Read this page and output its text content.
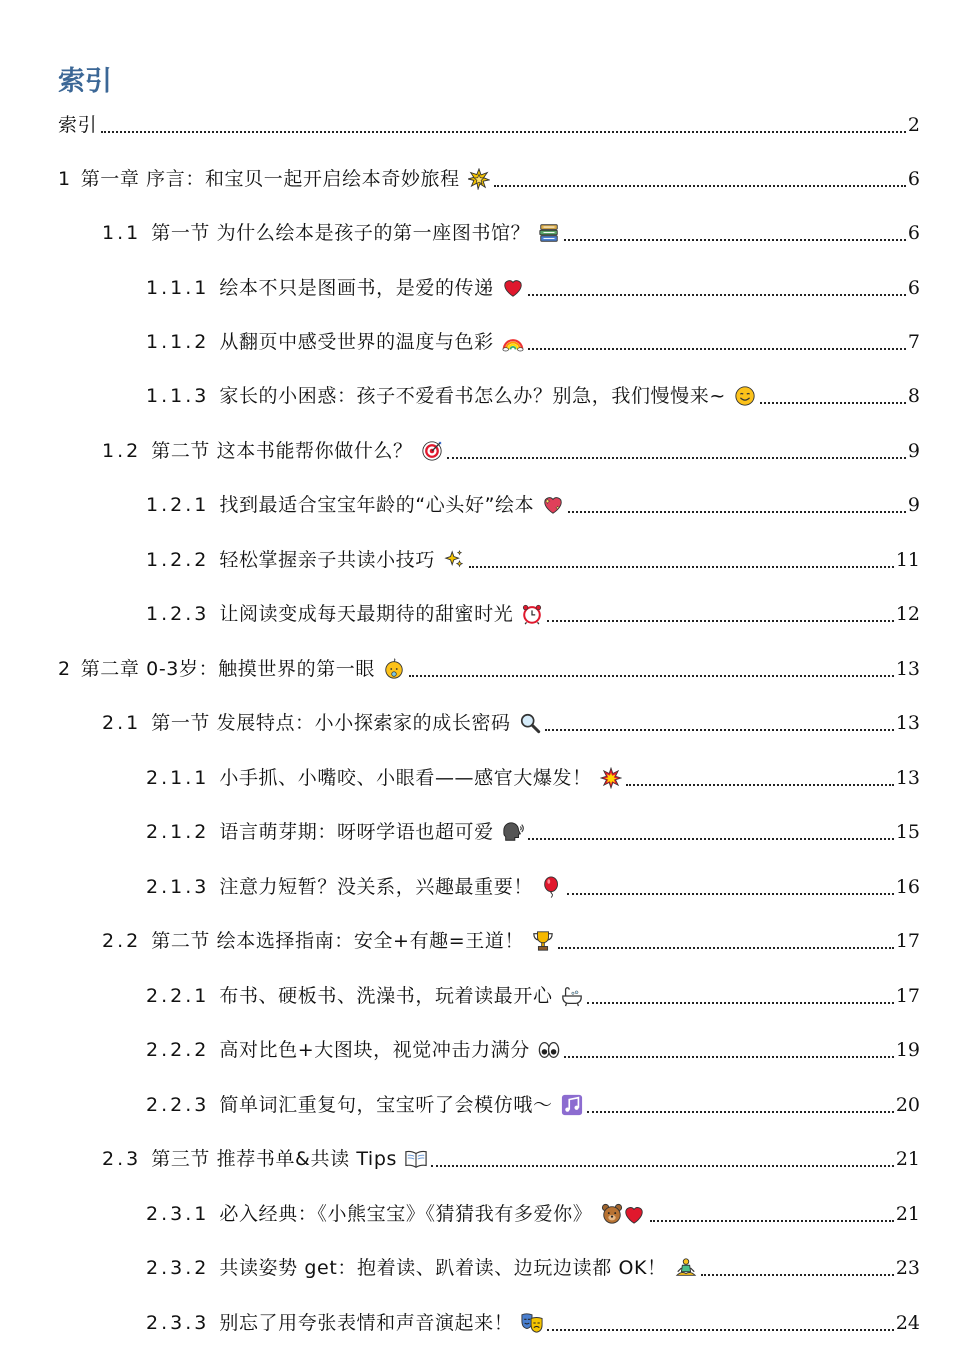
索引
索引	2
1 第一章 序言：和宝贝一起开启绘本奇妙旅程	6
1.1 第一节 为什么绘本是孩子的第一座图书馆？	6
1.1.1 绘本不只是图画书，是爱的传递	6
1.1.2 从翻页中感受世界的温度与色彩	7
1.1.3 家长的小困惑：孩子不爱看书怎么办？别急，我们慢慢来~	8
1.2 第二节 这本书能帮你做什么？	9
1.2.1 找到最适合宝宝年龄的“心头好”绘本	9
1.2.2 轻松掌握亲子共读小技巧	11
1.2.3 让阅读变成每天最期待的甜蜜时光	12
2 第二章 0-3岁：触摸世界的第一眼	13
2.1 第一节 发展特点：小小探索家的成长密码	13
2.1.1 小手抓、小嘴咬、小眼看——感官大爆发！	13
2.1.2 语言萌芽期：呀呀学语也超可爱	15
2.1.3 注意力短暂？没关系，兴趣最重要！	16
2.2 第二节 绘本选择指南：安全+有趣=王道！	17
2.2.1 布书、硬板书、洗澡书，玩着读最开心	17
2.2.2 高对比色+大图块，视觉冲击力满分	19
2.2.3 简单词汇重复句，宝宝听了会模仿哦～	20
2.3 第三节 推荐书单&共读 Tips	21
2.3.1 必入经典：《小熊宝宝》《猜猜我有多爱你》	21
2.3.2 共读姿势 get：抱着读、趴着读、边玩边读都 OK！	23
2.3.3 别忘了用夸张表情和声音演起来！	24
